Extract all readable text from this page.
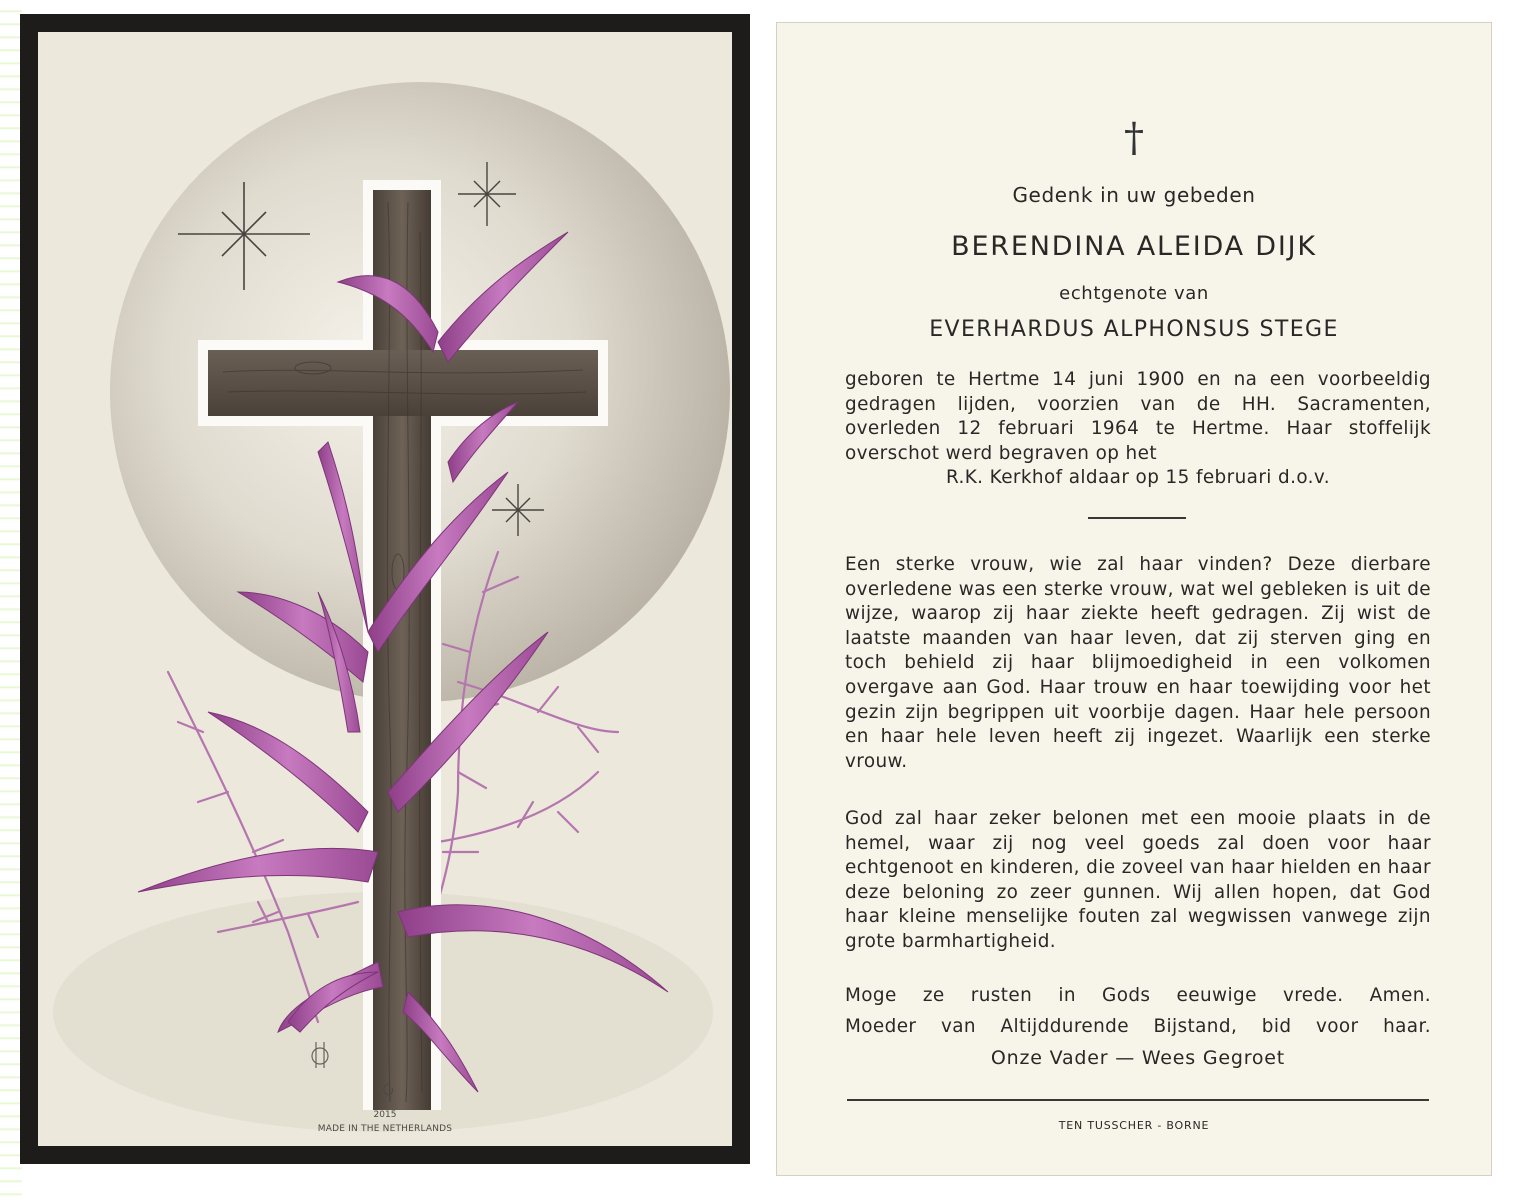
2015
MADE IN THE NETHERLANDS
†
Gedenk in uw gebeden
BERENDINA ALEIDA DIJK
echtgenote van
EVERHARDUS ALPHONSUS STEGE
geboren te Hertme 14 juni 1900 en na een voorbeeldig gedragen lijden, voorzien van de HH. Sacramenten, overleden 12 februari 1964 te Hertme. Haar stoffelijk overschot werd begraven op het
R.K. Kerkhof aldaar op 15 februari d.o.v.
Een sterke vrouw, wie zal haar vinden? Deze dierbare overledene was een sterke vrouw, wat wel gebleken is uit de wijze, waarop zij haar ziekte heeft gedragen. Zij wist de laatste maanden van haar leven, dat zij sterven ging en toch behield zij haar blijmoedigheid in een volkomen overgave aan God. Haar trouw en haar toewijding voor het gezin zijn begrippen uit voorbije dagen. Haar hele persoon en haar hele leven heeft zij ingezet. Waarlijk een sterke vrouw.
God zal haar zeker belonen met een mooie plaats in de hemel, waar zij nog veel goeds zal doen voor haar echtgenoot en kinderen, die zoveel van haar hielden en haar deze beloning zo zeer gunnen. Wij allen hopen, dat God haar kleine menselijke fouten zal wegwissen vanwege zijn grote barmhartigheid.
Moge ze rusten in Gods eeuwige vrede. Amen.
Moeder van Altijddurende Bijstand, bid voor haar.
Onze Vader — Wees Gegroet
TEN TUSSCHER - BORNE
